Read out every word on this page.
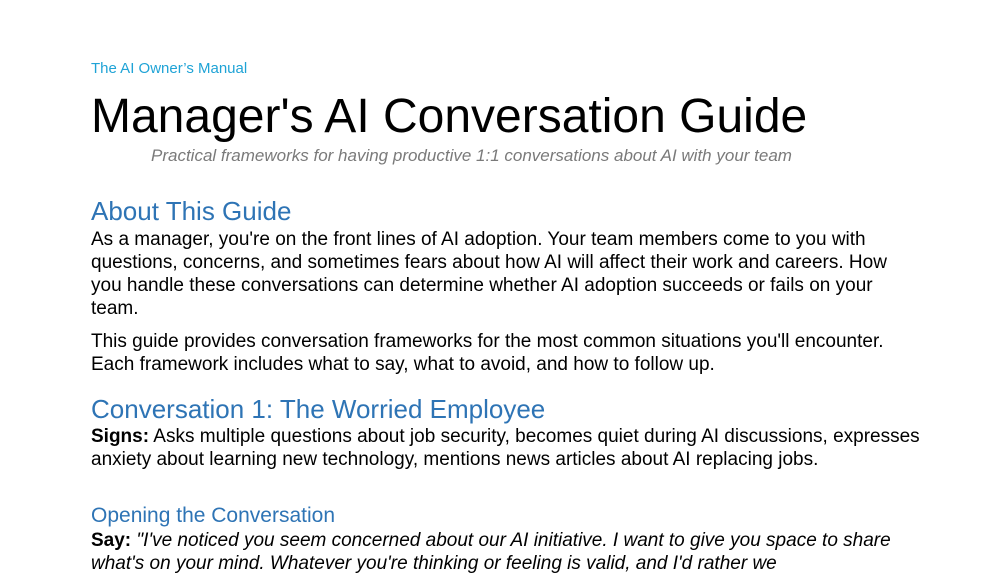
The AI Owner’s Manual
Manager's AI Conversation Guide
Practical frameworks for having productive 1:1 conversations about AI with your team
About This Guide

As a manager, you're on the front lines of AI adoption. Your team members come to you with questions, concerns, and sometimes fears about how AI will affect their work and careers. How you handle these conversations can determine whether AI adoption succeeds or fails on your team.

This guide provides conversation frameworks for the most common situations you'll encounter. Each framework includes what to say, what to avoid, and how to follow up.

Conversation 1: The Worried Employee

Signs: Asks multiple questions about job security, becomes quiet during AI discussions, expresses anxiety about learning new technology, mentions news articles about AI replacing jobs.

Opening the Conversation

Say: "I've noticed you seem concerned about our AI initiative. I want to give you space to share what's on your mind. Whatever you're thinking or feeling is valid, and I'd rather we
